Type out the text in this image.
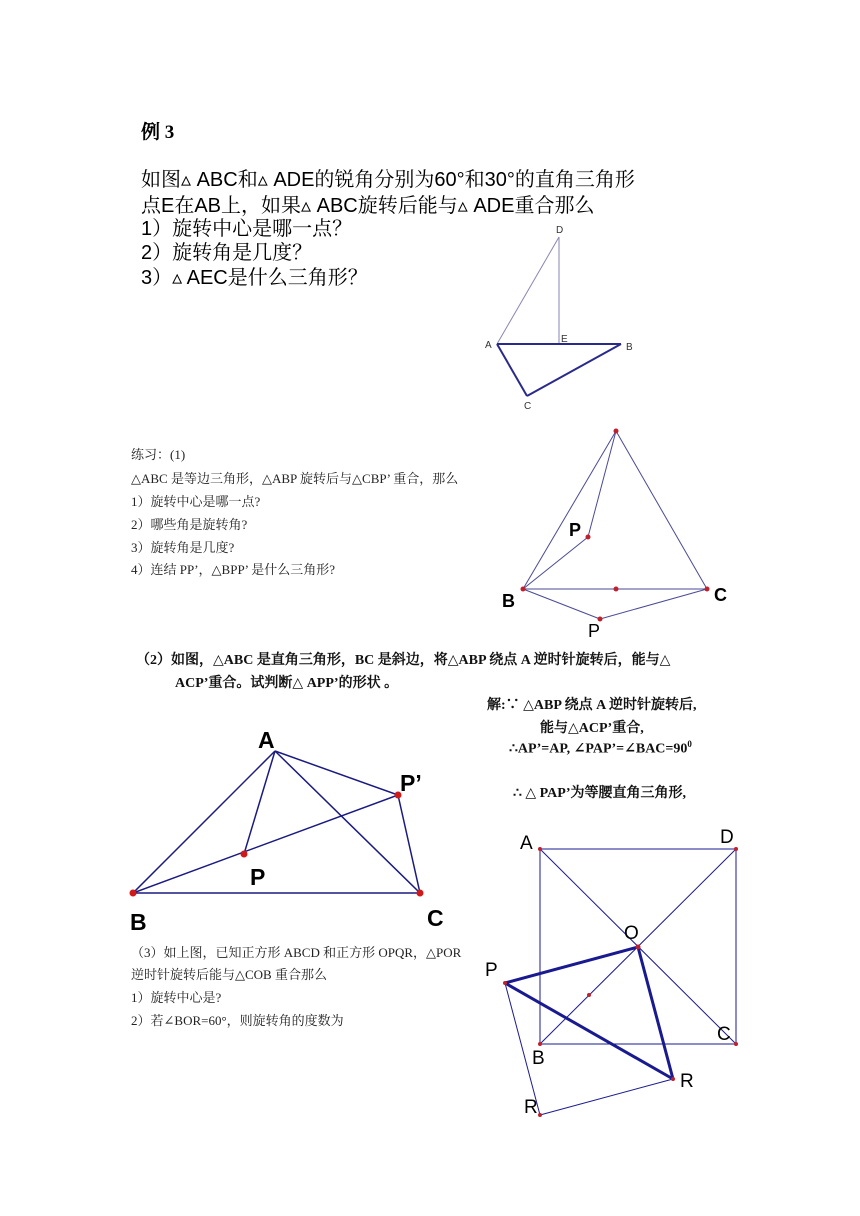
例 3
如图▵ ABC和▵ ADE的锐角分别为60°和30°的直角三角形
点E在AB上，如果▵ ABC旋转后能与▵ ADE重合那么
1）旋转中心是哪一点？
2）旋转角是几度？
3）▵ AEC是什么三角形？
练习：(1)
△ABC 是等边三角形，△ABP 旋转后与△CBP’ 重合，那么
1）旋转中心是哪一点?
2）哪些角是旋转角?
3）旋转角是几度?
4）连结 PP’，△BPP’ 是什么三角形?
（2）如图，△ABC 是直角三角形，BC 是斜边，将△ABP 绕点 A 逆时针旋转后，能与△
ACP’重合。试判断△ APP’的形状 。
解:∵ △ABP 绕点 A 逆时针旋转后,
能与△ACP’重合,
∴AP’=AP, $\angle PAP’=\angle BAC=90^0$
∴ △ PAP’为等腰直角三角形,
（3）如上图，已知正方形 ABCD 和正方形 OPQR，△POR
逆时针旋转后能与△COB 重合那么
1）旋转中心是?
2）若∠BOR=60°，则旋转角的度数为
D
A
E
B
C
P
B	C
P
A
P’
P
B	C
A	D
O
P
C
B
R
R
